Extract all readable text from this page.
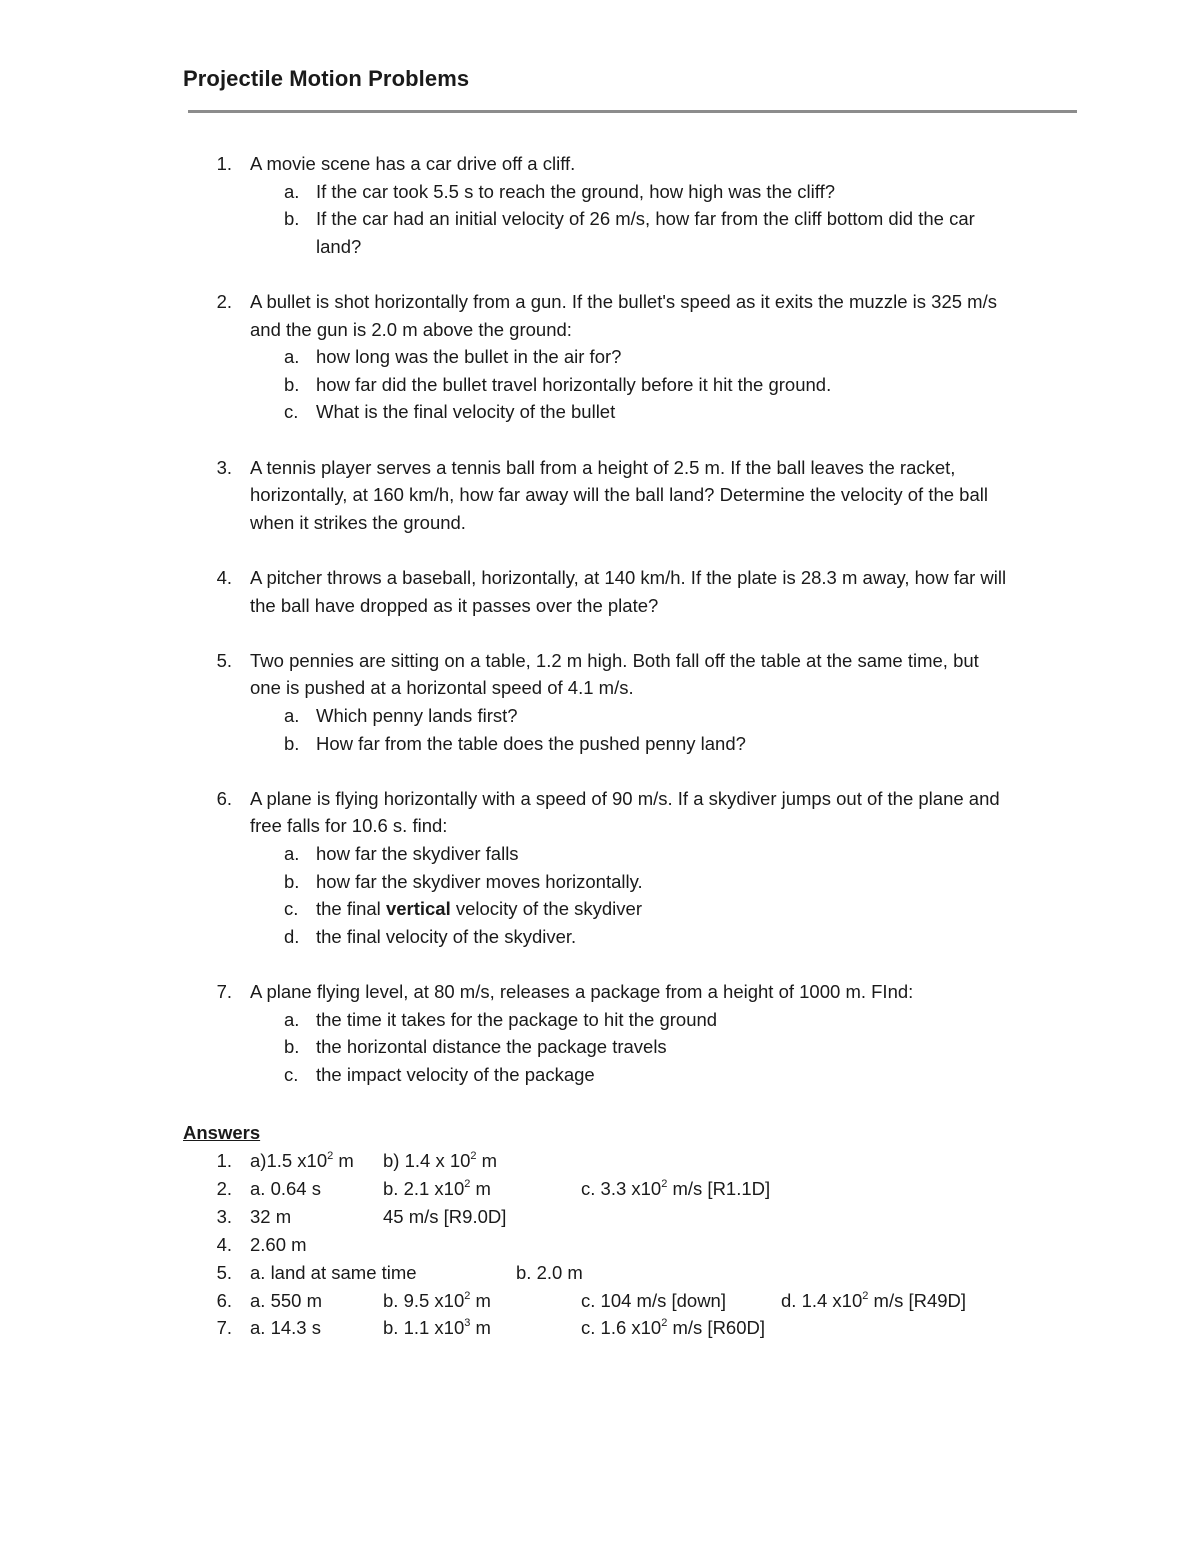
Projectile Motion Problems
1. A movie scene has a car drive off a cliff.
a. If the car took 5.5 s to reach the ground, how high was the cliff?
b. If the car had an initial velocity of 26 m/s, how far from the cliff bottom did the car
land?
2. A bullet is shot horizontally from a gun. If the bullet's speed as it exits the muzzle is 325 m/s
and the gun is 2.0 m above the ground:
a. how long was the bullet in the air for?
b. how far did the bullet travel horizontally before it hit the ground.
c. What is the final velocity of the bullet
3. A tennis player serves a tennis ball from a height of 2.5 m. If the ball leaves the racket,
horizontally, at 160 km/h, how far away will the ball land? Determine the velocity of the ball
when it strikes the ground.
4. A pitcher throws a baseball, horizontally, at 140 km/h. If the plate is 28.3 m away, how far will
the ball have dropped as it passes over the plate?
5. Two pennies are sitting on a table, 1.2 m high. Both fall off the table at the same time, but
one is pushed at a horizontal speed of 4.1 m/s.
a. Which penny lands first?
b. How far from the table does the pushed penny land?
6. A plane is flying horizontally with a speed of 90 m/s. If a skydiver jumps out of the plane and
free falls for 10.6 s. find:
a. how far the skydiver falls
b. how far the skydiver moves horizontally.
c. the final vertical velocity of the skydiver
d. the final velocity of the skydiver.
7. A plane flying level, at 80 m/s, releases a package from a height of 1000 m. FInd:
a. the time it takes for the package to hit the ground
b. the horizontal distance the package travels
c. the impact velocity of the package
Answers
1. a)1.5 $x10^2$ m b) 1.4 x $10^2$ m
2. a. 0.64 s	b. 2.1 $x10^2$ m	c. 3.3 $x10^2$ m/s [R1.1D]
3. 32 m	45 m/s [R9.0D]
4. 2.60 m
5. a. land at same time	b. 2.0 m
6. a. 550 m	b. 9.5 $x10^2$ m	c. 104 m/s [down]	d. 1.4 $x10^2$ m/s [R49D]
7. a. 14.3 s	b. 1.1 $x10^3$ m	c. 1.6 $x10^2$ m/s [R60D]
